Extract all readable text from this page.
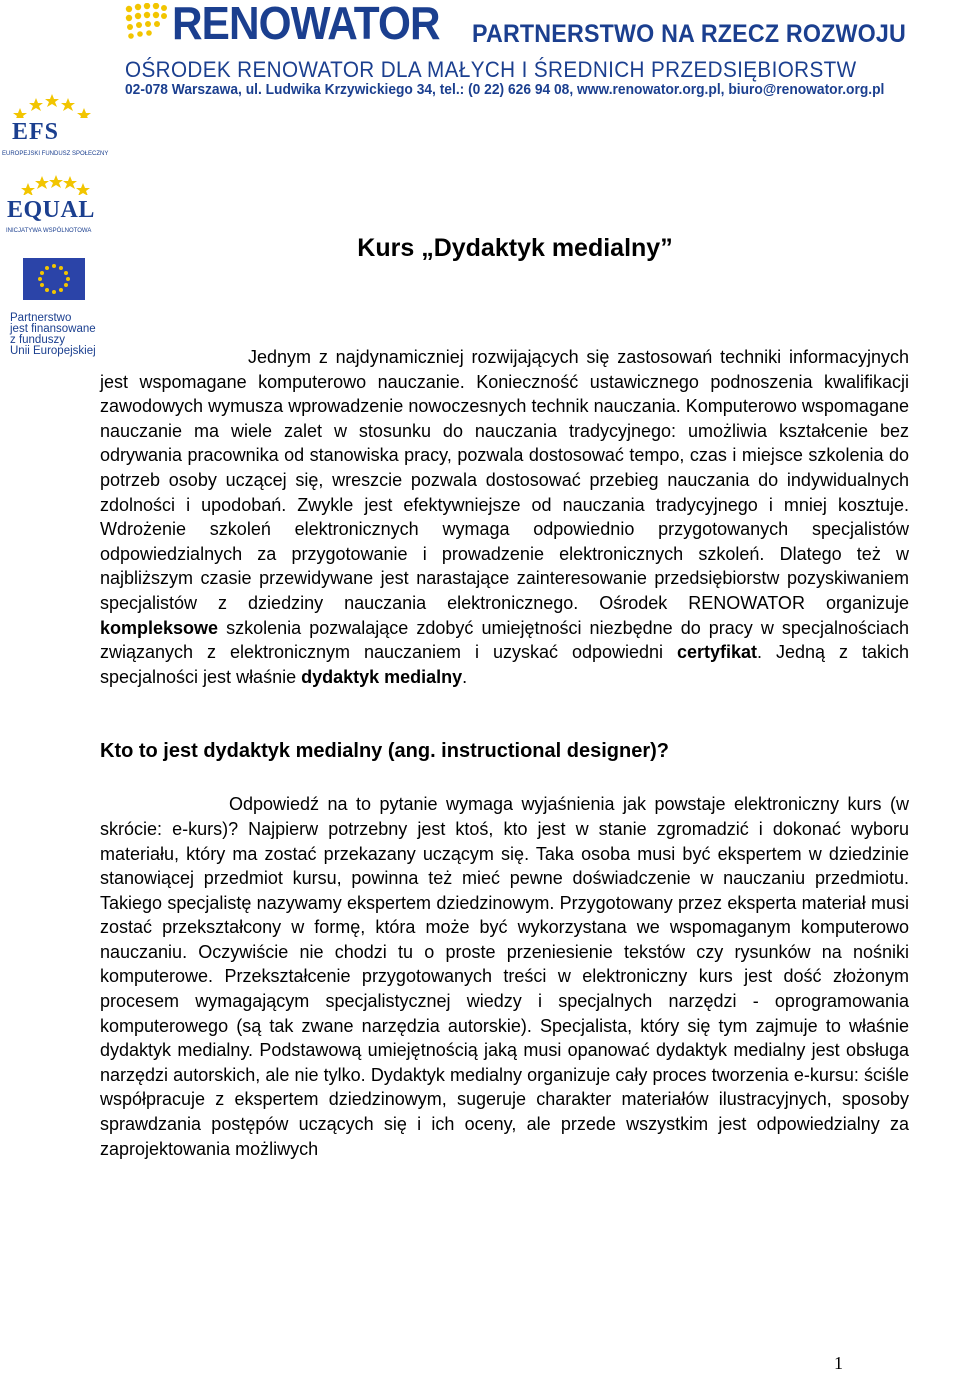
RENOWATOR PARTNERSTWO NA RZECZ ROZWOJU
OŚRODEK RENOWATOR DLA MAŁYCH I ŚREDNICH PRZEDSIĘBIORSTW
02-078 Warszawa, ul. Ludwika Krzywickiego 34, tel.: (0 22) 626 94 08, www.renowator.org.pl, biuro@renowator.org.pl
EFS
EUROPEJSKI FUNDUSZ SPOŁECZNY
EQUAL
INICJATYWA WSPÓLNOTOWA
Partnerstwo
jest finansowane
z funduszy
Unii Europejskiej
Kurs „Dydaktyk medialny”

Jednym z najdynamiczniej rozwijających się zastosowań techniki informacyjnych jest wspomagane komputerowo nauczanie. Konieczność ustawicznego podnoszenia kwalifikacji zawodowych wymusza wprowadzenie nowoczesnych technik nauczania. Komputerowo wspomagane nauczanie ma wiele zalet w stosunku do nauczania tradycyjnego: umożliwia kształcenie bez odrywania pracownika od stanowiska pracy, pozwala dostosować tempo, czas i miejsce szkolenia do potrzeb osoby uczącej się, wreszcie pozwala dostosować przebieg nauczania do indywidualnych zdolności i upodobań. Zwykle jest efektywniejsze od nauczania tradycyjnego i mniej kosztuje. Wdrożenie szkoleń elektronicznych wymaga odpowiednio przygotowanych specjalistów odpowiedzialnych za przygotowanie i prowadzenie elektronicznych szkoleń. Dlatego też w najbliższym czasie przewidywane jest narastające zainteresowanie przedsiębiorstw pozyskiwaniem specjalistów z dziedziny nauczania elektronicznego. Ośrodek RENOWATOR organizuje kompleksowe szkolenia pozwalające zdobyć umiejętności niezbędne do pracy w specjalnościach związanych z elektronicznym nauczaniem i uzyskać odpowiedni certyfikat. Jedną z takich specjalności jest właśnie dydaktyk medialny.

Kto to jest dydaktyk medialny (ang. instructional designer)?

Odpowiedź na to pytanie wymaga wyjaśnienia jak powstaje elektroniczny kurs (w skrócie: e-kurs)? Najpierw potrzebny jest ktoś, kto jest w stanie zgromadzić i dokonać wyboru materiału, który ma zostać przekazany uczącym się. Taka osoba musi być ekspertem w dziedzinie stanowiącej przedmiot kursu, powinna też mieć pewne doświadczenie w nauczaniu przedmiotu. Takiego specjalistę nazywamy ekspertem dziedzinowym. Przygotowany przez eksperta materiał musi zostać przekształcony w formę, która może być wykorzystana we wspomaganym komputerowo nauczaniu. Oczywiście nie chodzi tu o proste przeniesienie tekstów czy rysunków na nośniki komputerowe. Przekształcenie przygotowanych treści w elektroniczny kurs jest dość złożonym procesem wymagającym specjalistycznej wiedzy i specjalnych narzędzi - oprogramowania komputerowego (są tak zwane narzędzia autorskie). Specjalista, który się tym zajmuje to właśnie dydaktyk medialny. Podstawową umiejętnością jaką musi opanować dydaktyk medialny jest obsługa narzędzi autorskich, ale nie tylko. Dydaktyk medialny organizuje cały proces tworzenia e-kursu: ściśle współpracuje z ekspertem dziedzinowym, sugeruje charakter materiałów ilustracyjnych, sposoby sprawdzania postępów uczących się i ich oceny, ale przede wszystkim jest odpowiedzialny za zaprojektowania możliwych

1
